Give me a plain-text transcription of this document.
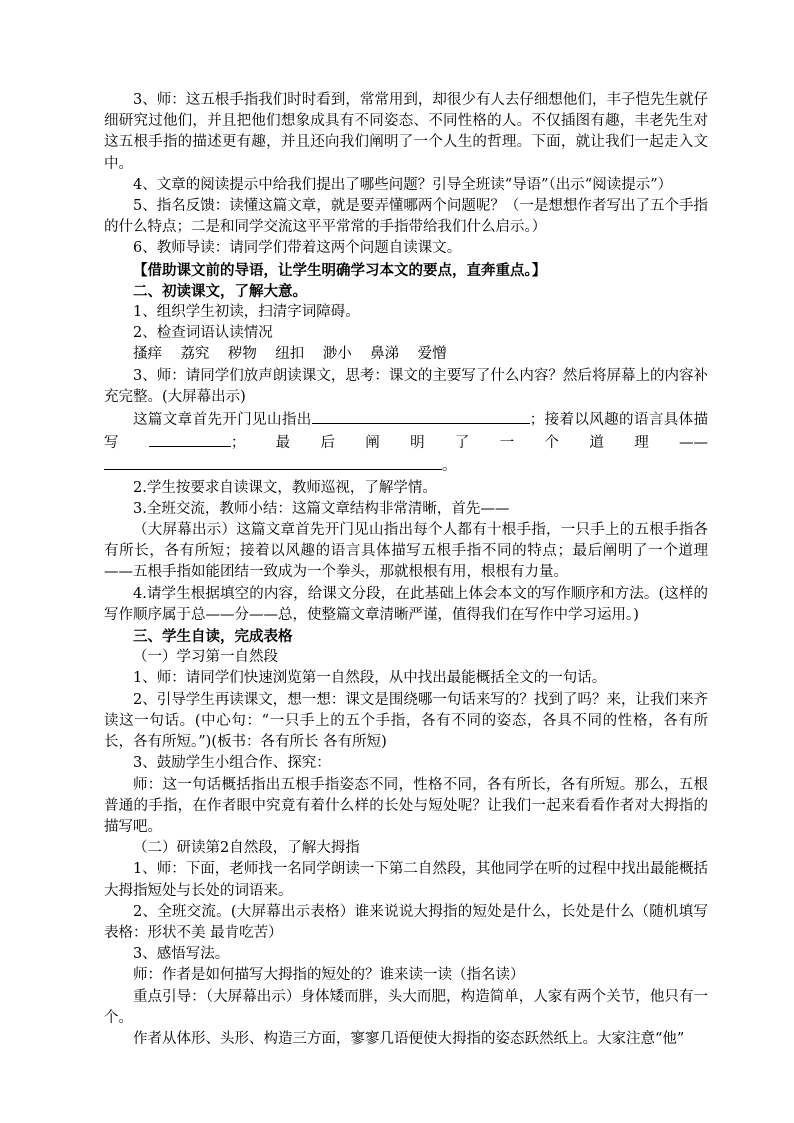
3、师：这五根手指我们时时看到，常常用到，却很少有人去仔细想他们，丰子恺先生就仔细研究过他们，并且把他们想象成具有不同姿态、不同性格的人。不仅插图有趣，丰老先生对这五根手指的描述更有趣，并且还向我们阐明了一个人生的哲理。下面，就让我们一起走入文中。

4、文章的阅读提示中给我们提出了哪些问题？引导全班读“导语”（出示“阅读提示”）

5、指名反馈：读懂这篇文章，就是要弄懂哪两个问题呢？（一是想想作者写出了五个手指的什么特点；二是和同学交流这平平常常的手指带给我们什么启示。）

6、教师导读：请同学们带着这两个问题自读课文。

【借助课文前的导语，让学生明确学习本文的要点，直奔重点。】

二、初读课文，了解大意。

1、组织学生初读，扫清字词障碍。

2、检查词语认读情况

搔痒    荔究    秽物    纽扣    渺小    鼻涕    爱憎

3、师：请同学们放声朗读课文，思考：课文的主要写了什么内容？然后将屏幕上的内容补充完整。(大屏幕出示)

这篇文章首先开门见山指出	；接着以风趣的语言具体描写	；最后阐明了一个道理——。

2.学生按要求自读课文，教师巡视，了解学情。

3.全班交流，教师小结：这篇文章结构非常清晰，首先——

（大屏幕出示）这篇文章首先开门见山指出每个人都有十根手指，一只手上的五根手指各有所长，各有所短；接着以风趣的语言具体描写五根手指不同的特点；最后阐明了一个道理——五根手指如能团结一致成为一个拳头，那就根根有用，根根有力量。

4.请学生根据填空的内容，给课文分段，在此基础上体会本文的写作顺序和方法。(这样的写作顺序属于总——分——总，使整篇文章清晰严谨，值得我们在写作中学习运用。)

三、学生自读，完成表格

（一）学习第一自然段

1、师：请同学们快速浏览第一自然段，从中找出最能概括全文的一句话。

2、引导学生再读课文，想一想：课文是围绕哪一句话来写的？找到了吗？来，让我们来齐读这一句话。(中心句：“一只手上的五个手指，各有不同的姿态，各具不同的性格，各有所长，各有所短。”)(板书：各有所长 各有所短)

3、鼓励学生小组合作、探究：

师：这一句话概括指出五根手指姿态不同，性格不同，各有所长，各有所短。那么，五根普通的手指，在作者眼中究竟有着什么样的长处与短处呢？让我们一起来看看作者对大拇指的描写吧。

（二）研读第2自然段，了解大拇指

1、师：下面，老师找一名同学朗读一下第二自然段，其他同学在听的过程中找出最能概括大拇指短处与长处的词语来。

2、全班交流。(大屏幕出示表格）谁来说说大拇指的短处是什么，长处是什么（随机填写表格：形状不美 最肯吃苦）

3、感悟写法。

师：作者是如何描写大拇指的短处的？谁来读一读（指名读）

重点引导：（大屏幕出示）身体矮而胖，头大而肥，构造简单，人家有两个关节，他只有一个。

作者从体形、头形、构造三方面，寥寥几语便使大拇指的姿态跃然纸上。大家注意“他”
